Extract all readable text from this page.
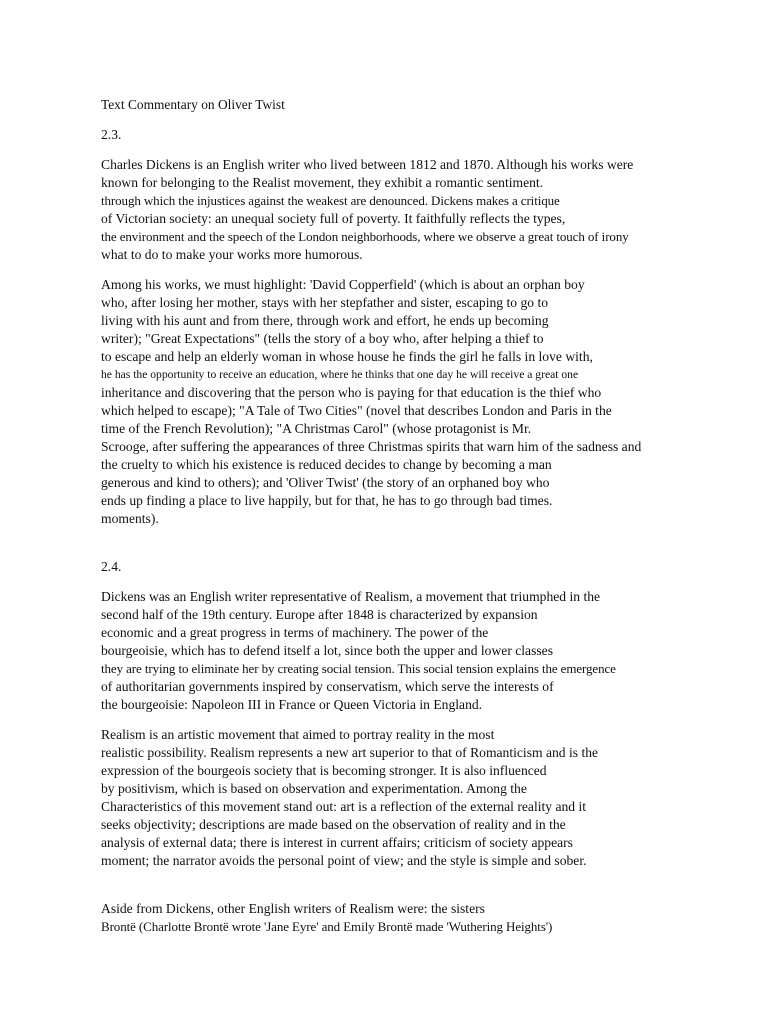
Text Commentary on Oliver Twist

2.3.

Charles Dickens is an English writer who lived between 1812 and 1870. Although his works were
known for belonging to the Realist movement, they exhibit a romantic sentiment.
through which the injustices against the weakest are denounced. Dickens makes a critique
of Victorian society: an unequal society full of poverty. It faithfully reflects the types,
the environment and the speech of the London neighborhoods, where we observe a great touch of irony
what to do to make your works more humorous.

Among his works, we must highlight: 'David Copperfield' (which is about an orphan boy
who, after losing her mother, stays with her stepfather and sister, escaping to go to
living with his aunt and from there, through work and effort, he ends up becoming
writer); "Great Expectations" (tells the story of a boy who, after helping a thief to
to escape and help an elderly woman in whose house he finds the girl he falls in love with,
he has the opportunity to receive an education, where he thinks that one day he will receive a great one
inheritance and discovering that the person who is paying for that education is the thief who
which helped to escape); "A Tale of Two Cities" (novel that describes London and Paris in the
time of the French Revolution); "A Christmas Carol" (whose protagonist is Mr.
Scrooge, after suffering the appearances of three Christmas spirits that warn him of the sadness and
the cruelty to which his existence is reduced decides to change by becoming a man
generous and kind to others); and 'Oliver Twist' (the story of an orphaned boy who
ends up finding a place to live happily, but for that, he has to go through bad times.
moments).

2.4.

Dickens was an English writer representative of Realism, a movement that triumphed in the
second half of the 19th century. Europe after 1848 is characterized by expansion
economic and a great progress in terms of machinery. The power of the
bourgeoisie, which has to defend itself a lot, since both the upper and lower classes
they are trying to eliminate her by creating social tension. This social tension explains the emergence
of authoritarian governments inspired by conservatism, which serve the interests of
the bourgeoisie: Napoleon III in France or Queen Victoria in England.

Realism is an artistic movement that aimed to portray reality in the most
realistic possibility. Realism represents a new art superior to that of Romanticism and is the
expression of the bourgeois society that is becoming stronger. It is also influenced
by positivism, which is based on observation and experimentation. Among the
Characteristics of this movement stand out: art is a reflection of the external reality and it
seeks objectivity; descriptions are made based on the observation of reality and in the
analysis of external data; there is interest in current affairs; criticism of society appears
moment; the narrator avoids the personal point of view; and the style is simple and sober.

Aside from Dickens, other English writers of Realism were: the sisters
Brontë (Charlotte Brontë wrote 'Jane Eyre' and Emily Brontë made 'Wuthering Heights')
